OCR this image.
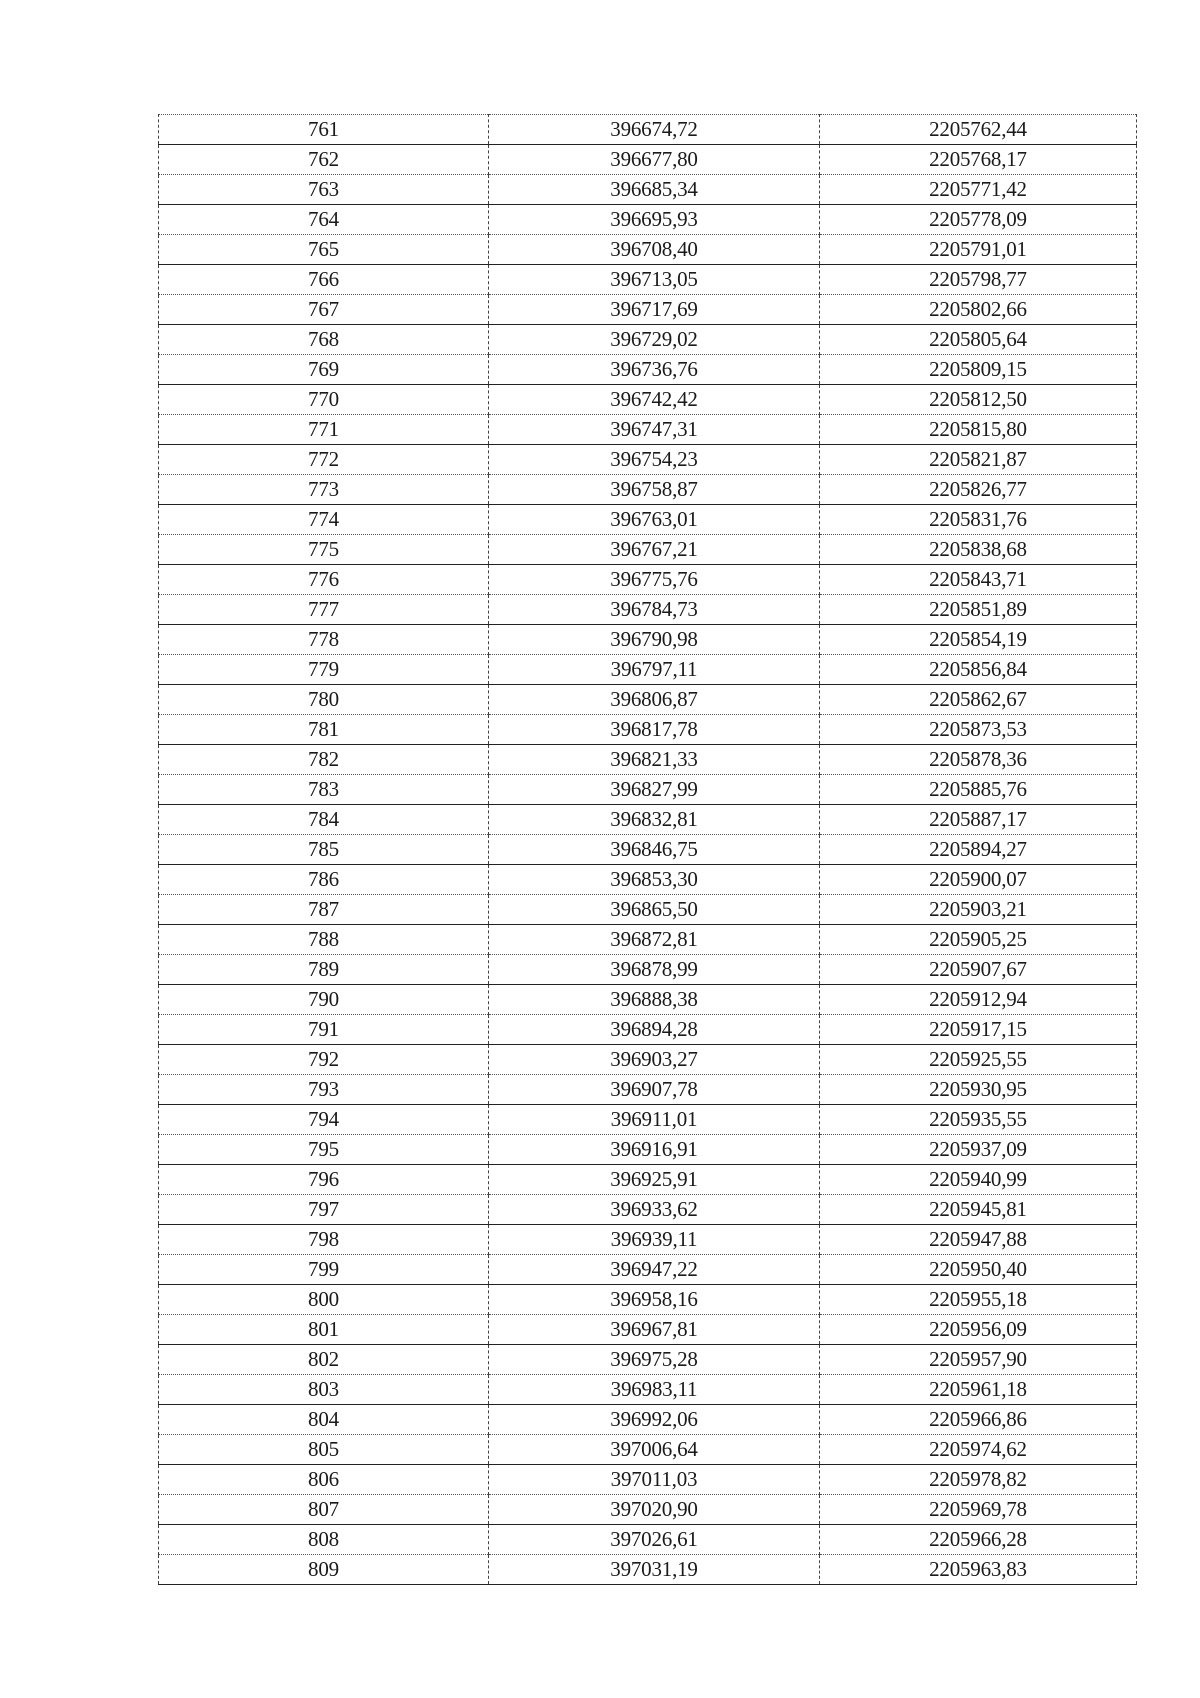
761	396674,72	2205762,44
762	396677,80	2205768,17
763	396685,34	2205771,42
764	396695,93	2205778,09
765	396708,40	2205791,01
766	396713,05	2205798,77
767	396717,69	2205802,66
768	396729,02	2205805,64
769	396736,76	2205809,15
770	396742,42	2205812,50
771	396747,31	2205815,80
772	396754,23	2205821,87
773	396758,87	2205826,77
774	396763,01	2205831,76
775	396767,21	2205838,68
776	396775,76	2205843,71
777	396784,73	2205851,89
778	396790,98	2205854,19
779	396797,11	2205856,84
780	396806,87	2205862,67
781	396817,78	2205873,53
782	396821,33	2205878,36
783	396827,99	2205885,76
784	396832,81	2205887,17
785	396846,75	2205894,27
786	396853,30	2205900,07
787	396865,50	2205903,21
788	396872,81	2205905,25
789	396878,99	2205907,67
790	396888,38	2205912,94
791	396894,28	2205917,15
792	396903,27	2205925,55
793	396907,78	2205930,95
794	396911,01	2205935,55
795	396916,91	2205937,09
796	396925,91	2205940,99
797	396933,62	2205945,81
798	396939,11	2205947,88
799	396947,22	2205950,40
800	396958,16	2205955,18
801	396967,81	2205956,09
802	396975,28	2205957,90
803	396983,11	2205961,18
804	396992,06	2205966,86
805	397006,64	2205974,62
806	397011,03	2205978,82
807	397020,90	2205969,78
808	397026,61	2205966,28
809	397031,19	2205963,83
